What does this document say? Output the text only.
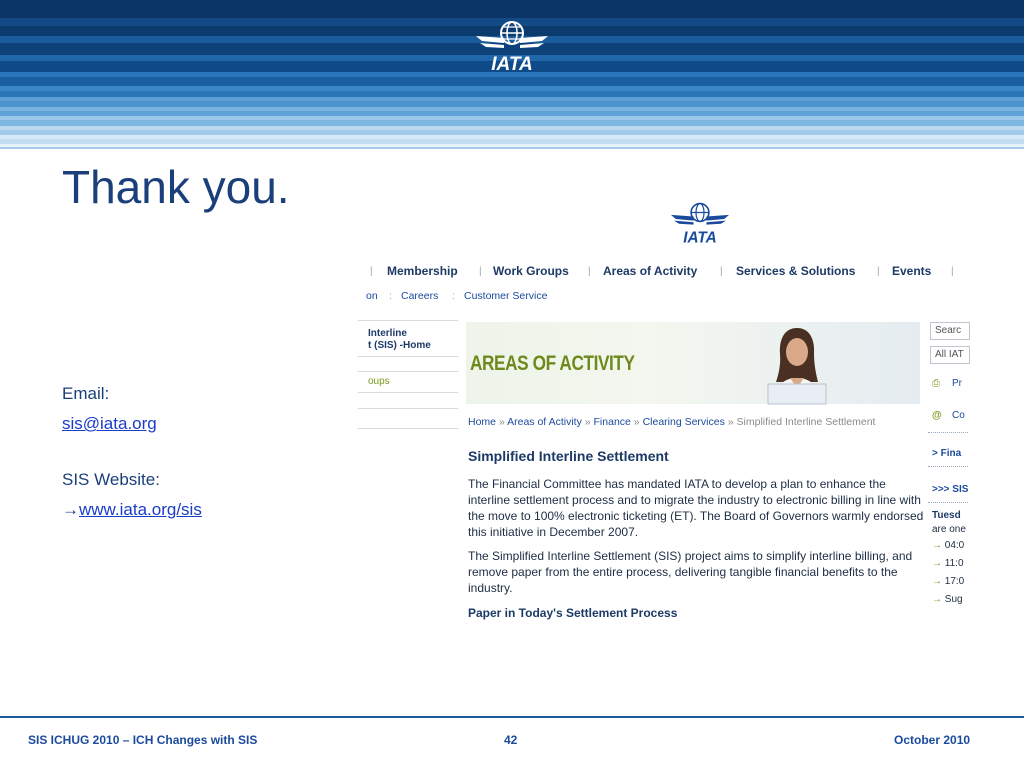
IATA
Thank you.
Email:
sis@iata.org
SIS Website:
→www.iata.org/sis
IATA
| Membership | Work Groups | Areas of Activity | Services & Solutions | Events |
on : Careers : Customer Service
Interline
t (SIS) -Home
oups
AREAS OF ACTIVITY
Home » Areas of Activity » Finance » Clearing Services » Simplified Interline Settlement
Simplified Interline Settlement
The Financial Committee has mandated IATA to develop a plan to enhance the interline settlement process and to migrate the industry to electronic billing in line with the move to 100% electronic ticketing (ET). The Board of Governors warmly endorsed this initiative in December 2007.
The Simplified Interline Settlement (SIS) project aims to simplify interline billing, and remove paper from the entire process, delivering tangible financial benefits to the industry.
Paper in Today's Settlement Process
Searc
All IAT
⎙ Pr
@ Co
> Fina
>>> SIS
Tuesd
are one
→ 04:0
→ 11:0
→ 17:0
→ Sug
SIS ICHUG 2010 – ICH Changes with SIS	42	October 2010
